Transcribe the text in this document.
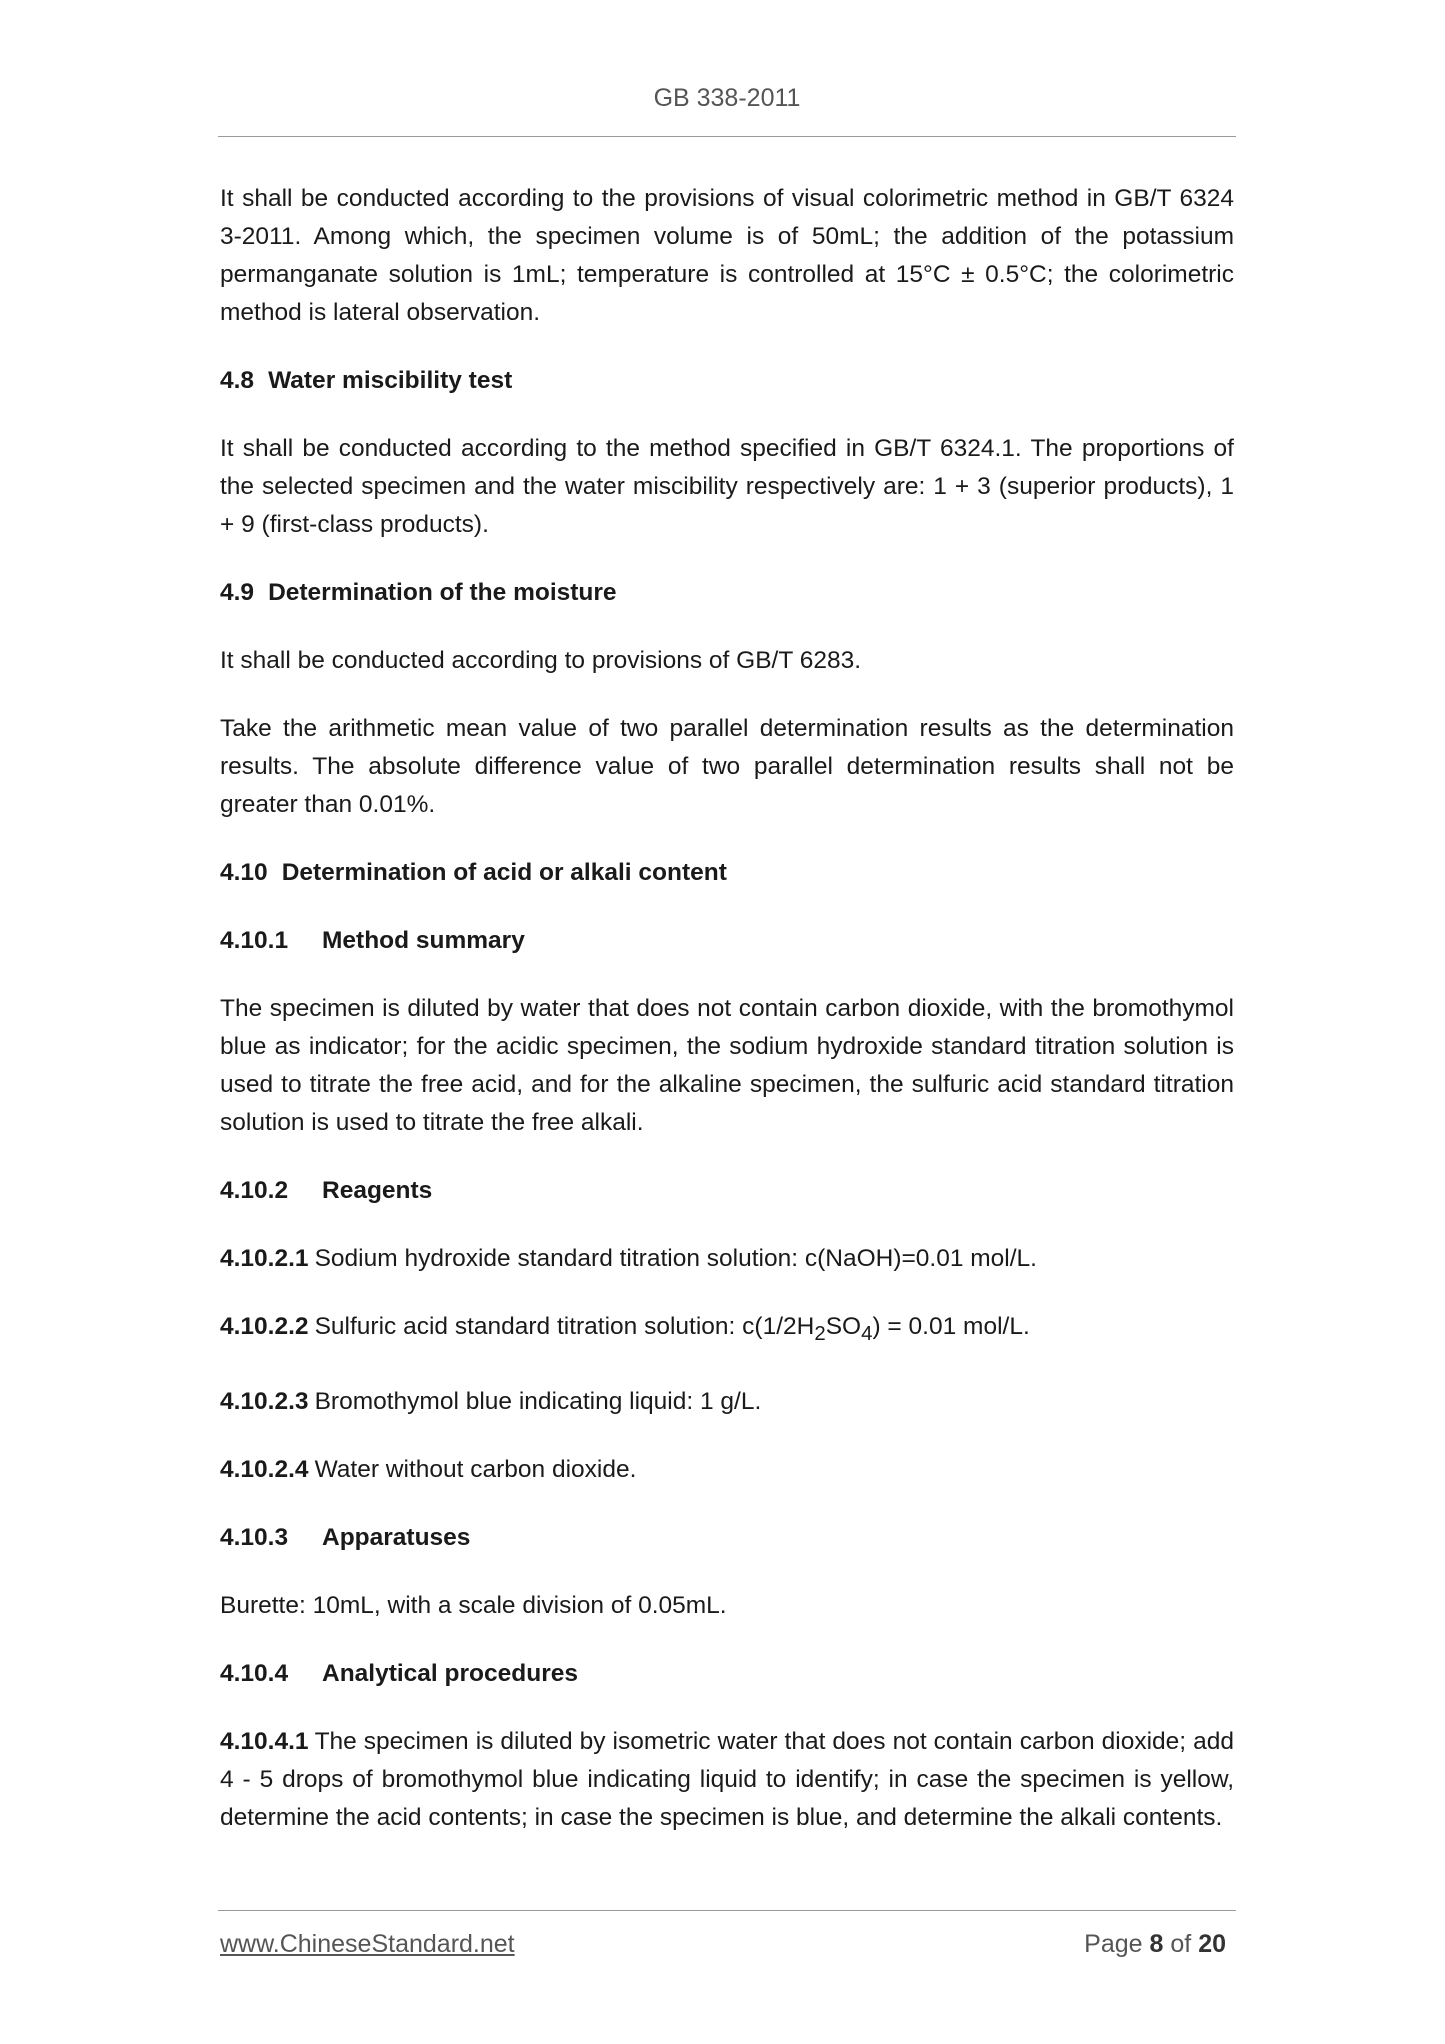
GB 338-2011

It shall be conducted according to the provisions of visual colorimetric method in GB/T 6324 3-2011. Among which, the specimen volume is of 50mL; the addition of the potassium permanganate solution is 1mL; temperature is controlled at 15°C ± 0.5°C; the colorimetric method is lateral observation.

4.8 Water miscibility test

It shall be conducted according to the method specified in GB/T 6324.1. The proportions of the selected specimen and the water miscibility respectively are: 1 + 3 (superior products), 1 + 9 (first-class products).

4.9 Determination of the moisture

It shall be conducted according to provisions of GB/T 6283.

Take the arithmetic mean value of two parallel determination results as the determination results. The absolute difference value of two parallel determination results shall not be greater than 0.01%.

4.10 Determination of acid or alkali content
4.10.1 Method summary

The specimen is diluted by water that does not contain carbon dioxide, with the bromothymol blue as indicator; for the acidic specimen, the sodium hydroxide standard titration solution is used to titrate the free acid, and for the alkaline specimen, the sulfuric acid standard titration solution is used to titrate the free alkali.

4.10.2 Reagents

4.10.2.1 Sodium hydroxide standard titration solution: c(NaOH)=0.01 mol/L.

4.10.2.2 Sulfuric acid standard titration solution: $c(1/2H_2SO_4) = 0.01$ mol/L.

4.10.2.3 Bromothymol blue indicating liquid: 1 g/L.

4.10.2.4 Water without carbon dioxide.

4.10.3 Apparatuses

Burette: 10mL, with a scale division of 0.05mL.

4.10.4 Analytical procedures

4.10.4.1 The specimen is diluted by isometric water that does not contain carbon dioxide; add 4 - 5 drops of bromothymol blue indicating liquid to identify; in case the specimen is yellow, determine the acid contents; in case the specimen is blue, and determine the alkali contents.

www.ChineseStandard.net	Page 8 of 20
